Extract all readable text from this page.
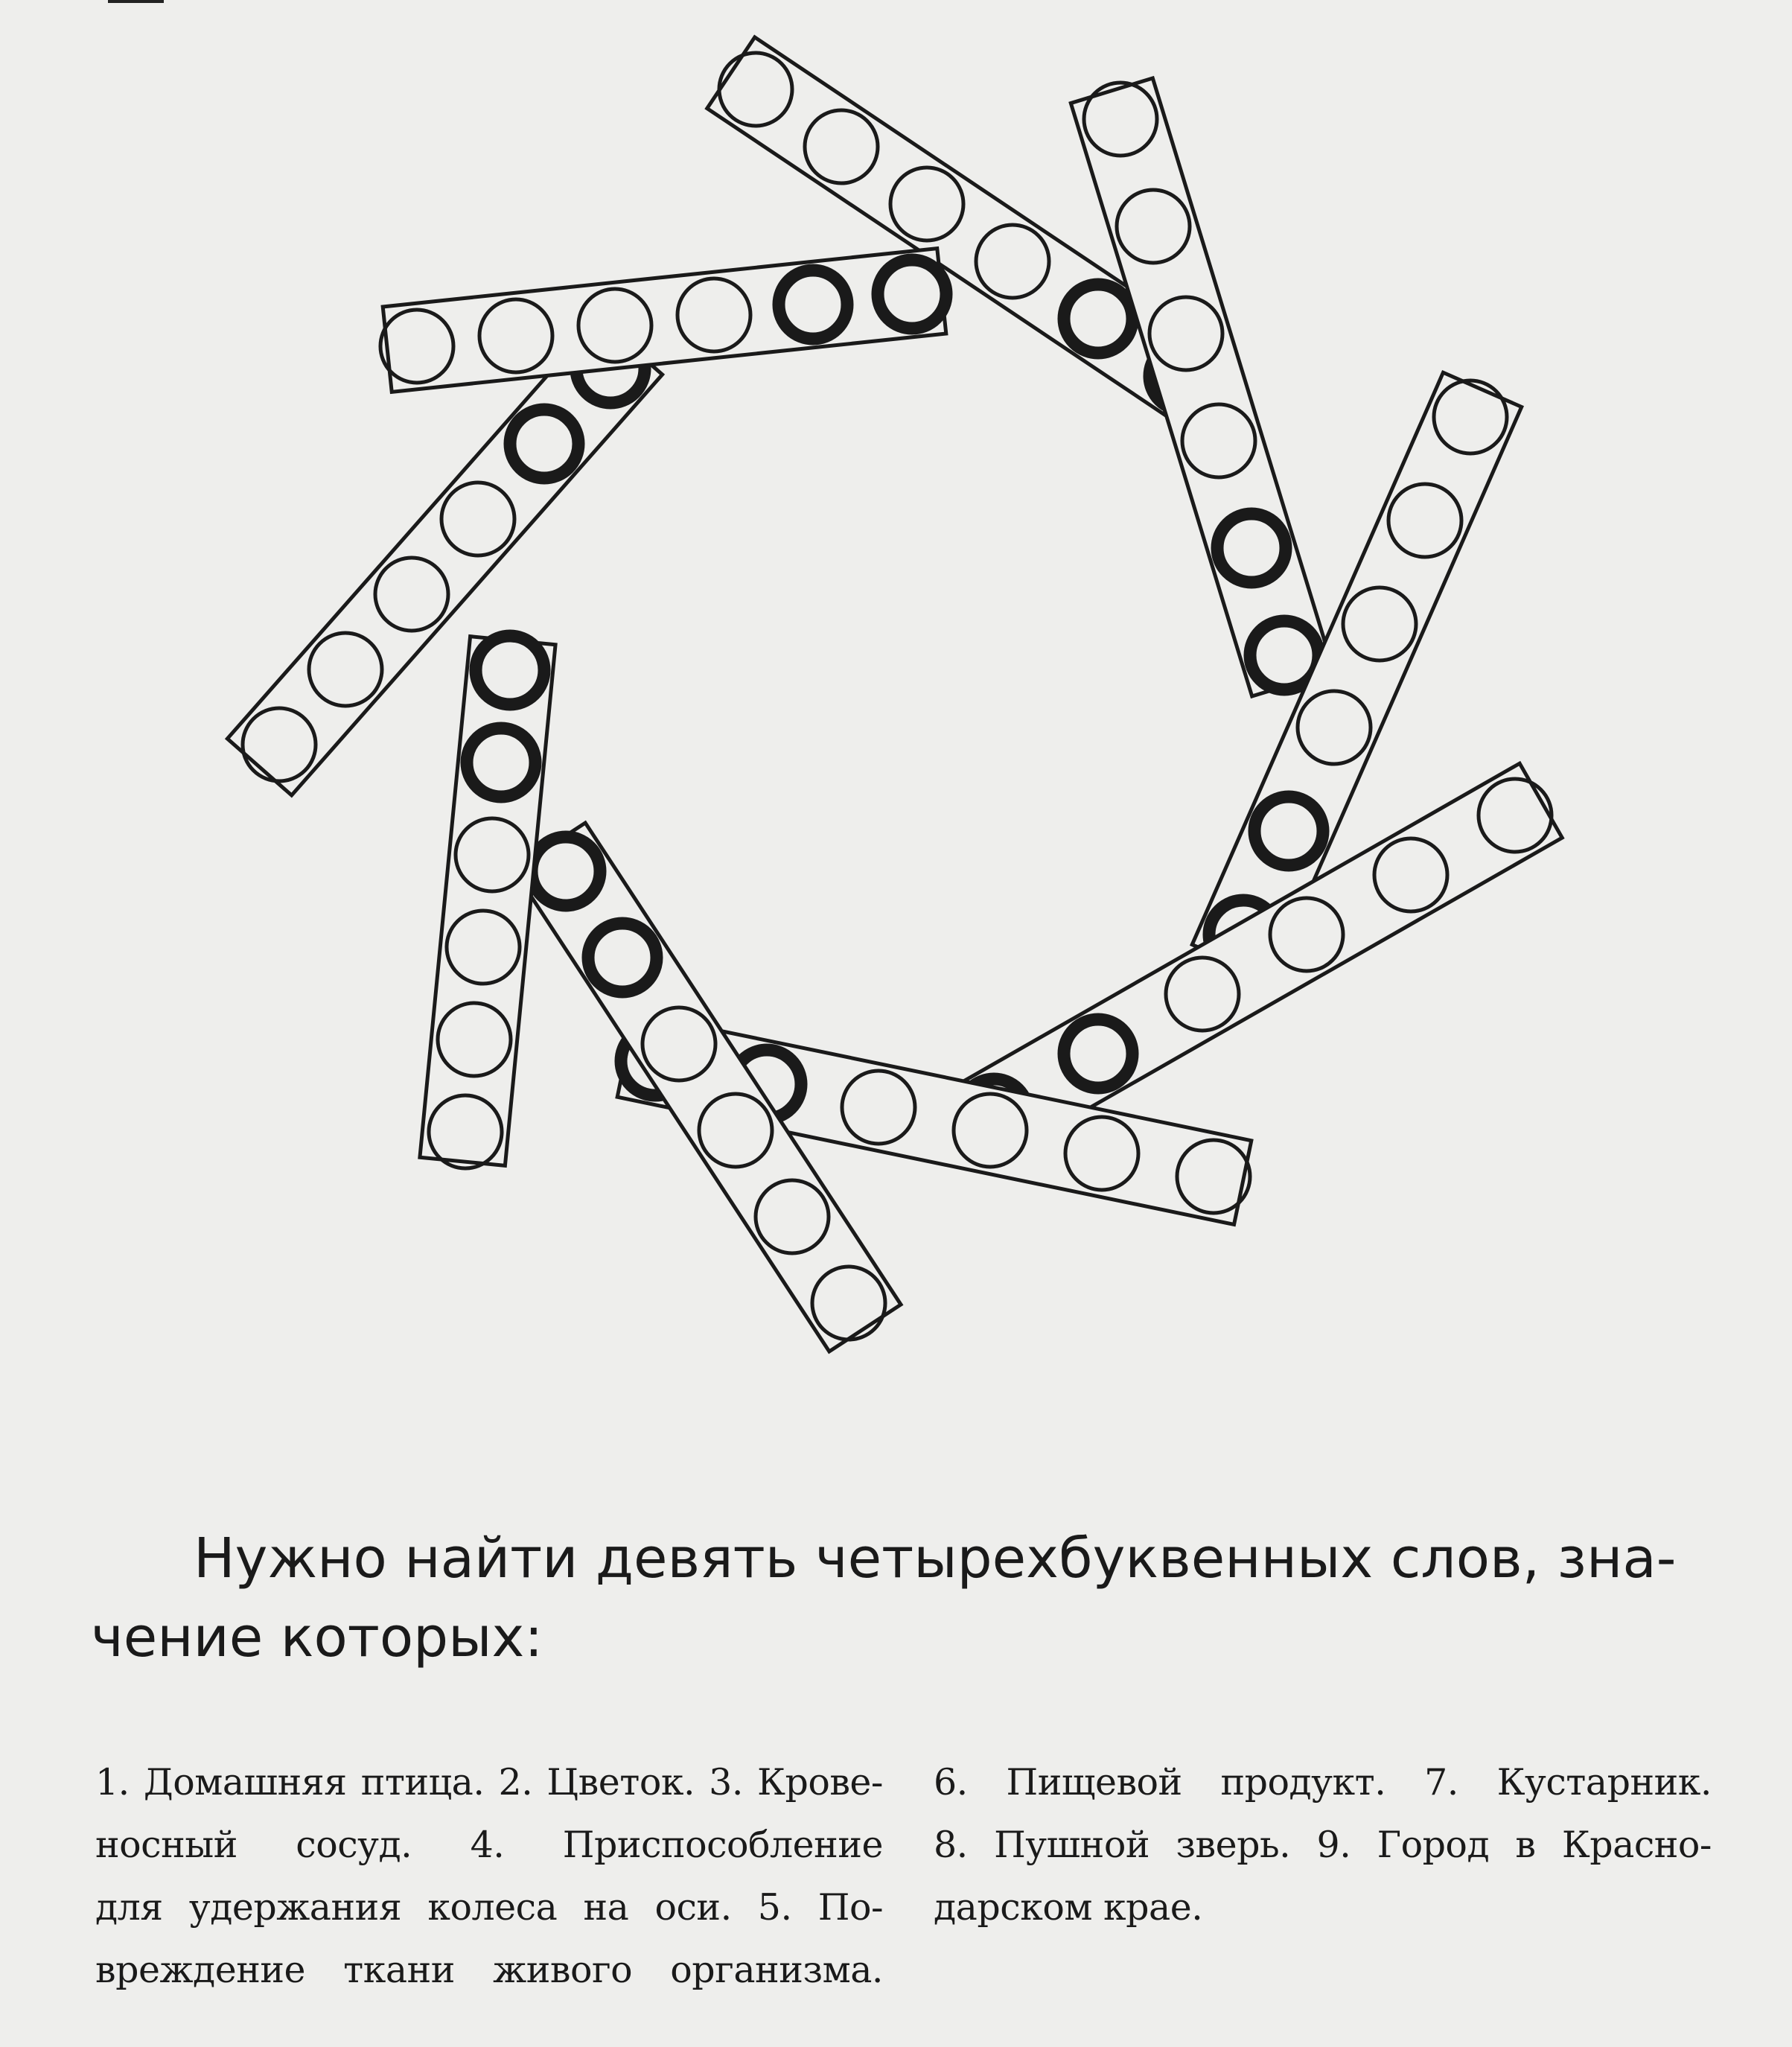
Нужно найти девять четырехбуквенных слов, зна-
чение которых:

1. Домашняя птица. 2. Цветок. 3. Крове-
носный сосуд. 4. Приспособление
для удержания колеса на оси. 5. По-
вреждение ткани живого организма.

6. Пищевой продукт. 7. Кустарник.
8. Пушной зверь. 9. Город в Красно-
дарском крае.
